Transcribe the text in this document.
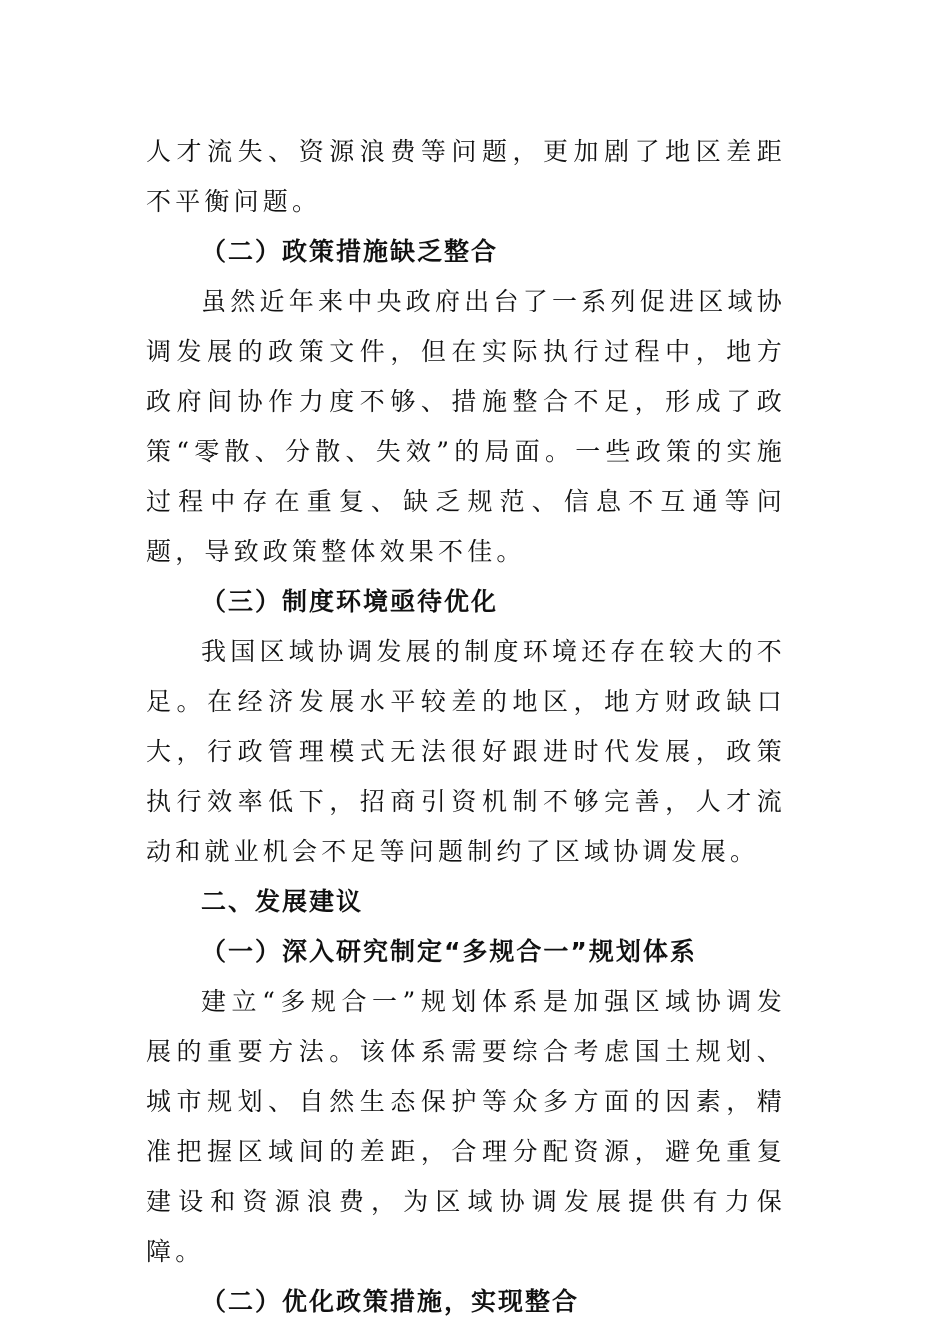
人才流失、资源浪费等问题，更加剧了地区差距不平衡问题。

（二）政策措施缺乏整合

虽然近年来中央政府出台了一系列促进区域协调发展的政策文件，但在实际执行过程中，地方政府间协作力度不够、措施整合不足，形成了政策“零散、分散、失效”的局面。一些政策的实施过程中存在重复、缺乏规范、信息不互通等问题，导致政策整体效果不佳。

（三）制度环境亟待优化

我国区域协调发展的制度环境还存在较大的不足。在经济发展水平较差的地区，地方财政缺口大，行政管理模式无法很好跟进时代发展，政策执行效率低下，招商引资机制不够完善，人才流动和就业机会不足等问题制约了区域协调发展。

二、发展建议

（一）深入研究制定“多规合一”规划体系

建立“多规合一”规划体系是加强区域协调发展的重要方法。该体系需要综合考虑国土规划、城市规划、自然生态保护等众多方面的因素，精准把握区域间的差距，合理分配资源，避免重复建设和资源浪费，为区域协调发展提供有力保障。

（二）优化政策措施，实现整合
